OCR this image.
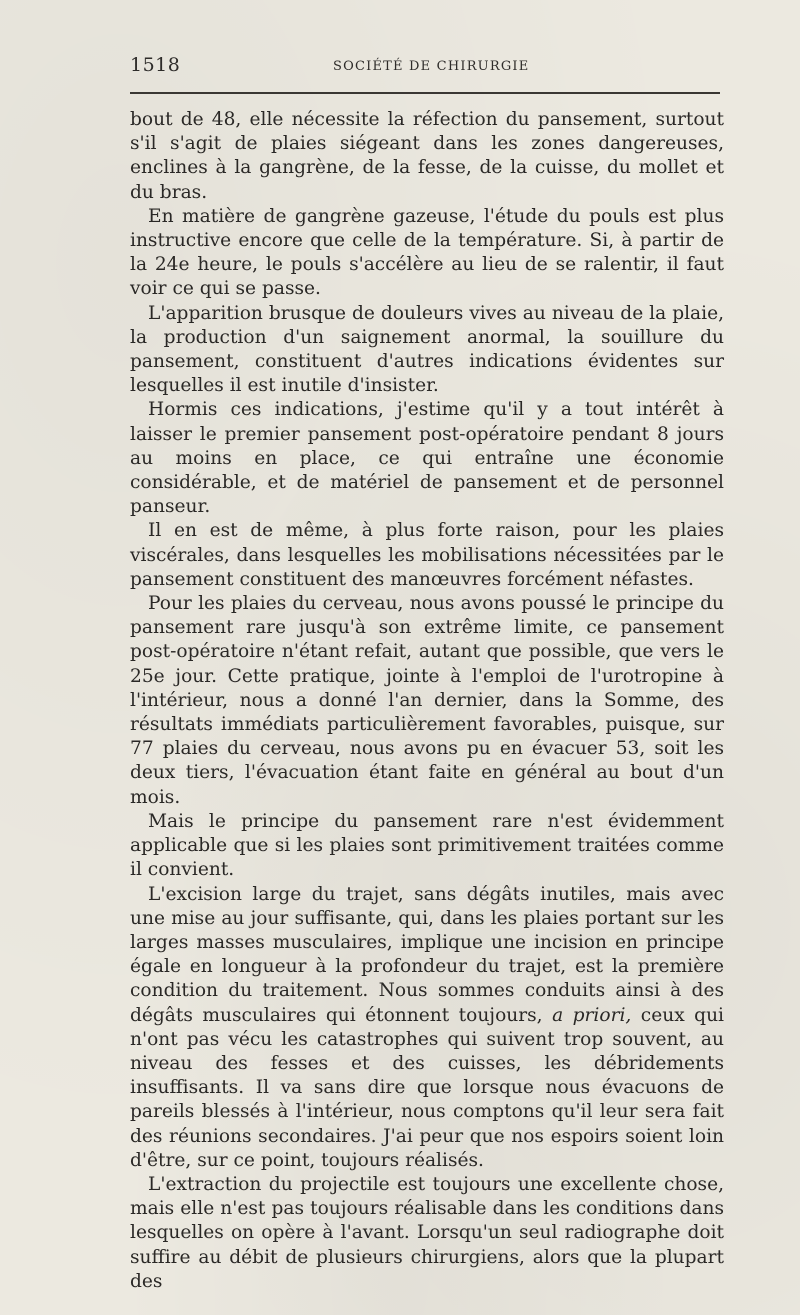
1518	SOCIÉTÉ DE CHIRURGIE

bout de 48, elle nécessite la réfection du pansement, surtout s'il s'agit de plaies siégeant dans les zones dangereuses, enclines à la gangrène, de la fesse, de la cuisse, du mollet et du bras.

En matière de gangrène gazeuse, l'étude du pouls est plus instructive encore que celle de la température. Si, à partir de la 24e heure, le pouls s'accélère au lieu de se ralentir, il faut voir ce qui se passe.

L'apparition brusque de douleurs vives au niveau de la plaie, la production d'un saignement anormal, la souillure du pansement, constituent d'autres indications évidentes sur lesquelles il est inutile d'insister.

Hormis ces indications, j'estime qu'il y a tout intérêt à laisser le premier pansement post-opératoire pendant 8 jours au moins en place, ce qui entraîne une économie considérable, et de matériel de pansement et de personnel panseur.

Il en est de même, à plus forte raison, pour les plaies viscérales, dans lesquelles les mobilisations nécessitées par le pansement constituent des manœuvres forcément néfastes.

Pour les plaies du cerveau, nous avons poussé le principe du pansement rare jusqu'à son extrême limite, ce pansement post-opératoire n'étant refait, autant que possible, que vers le 25e jour. Cette pratique, jointe à l'emploi de l'urotropine à l'intérieur, nous a donné l'an dernier, dans la Somme, des résultats immédiats particulièrement favorables, puisque, sur 77 plaies du cerveau, nous avons pu en évacuer 53, soit les deux tiers, l'évacuation étant faite en général au bout d'un mois.

Mais le principe du pansement rare n'est évidemment applicable que si les plaies sont primitivement traitées comme il convient.

L'excision large du trajet, sans dégâts inutiles, mais avec une mise au jour suffisante, qui, dans les plaies portant sur les larges masses musculaires, implique une incision en principe égale en longueur à la profondeur du trajet, est la première condition du traitement. Nous sommes conduits ainsi à des dégâts musculaires qui étonnent toujours, a priori, ceux qui n'ont pas vécu les catastrophes qui suivent trop souvent, au niveau des fesses et des cuisses, les débridements insuffisants. Il va sans dire que lorsque nous évacuons de pareils blessés à l'intérieur, nous comptons qu'il leur sera fait des réunions secondaires. J'ai peur que nos espoirs soient loin d'être, sur ce point, toujours réalisés.

L'extraction du projectile est toujours une excellente chose, mais elle n'est pas toujours réalisable dans les conditions dans lesquelles on opère à l'avant. Lorsqu'un seul radiographe doit suffire au débit de plusieurs chirurgiens, alors que la plupart des
